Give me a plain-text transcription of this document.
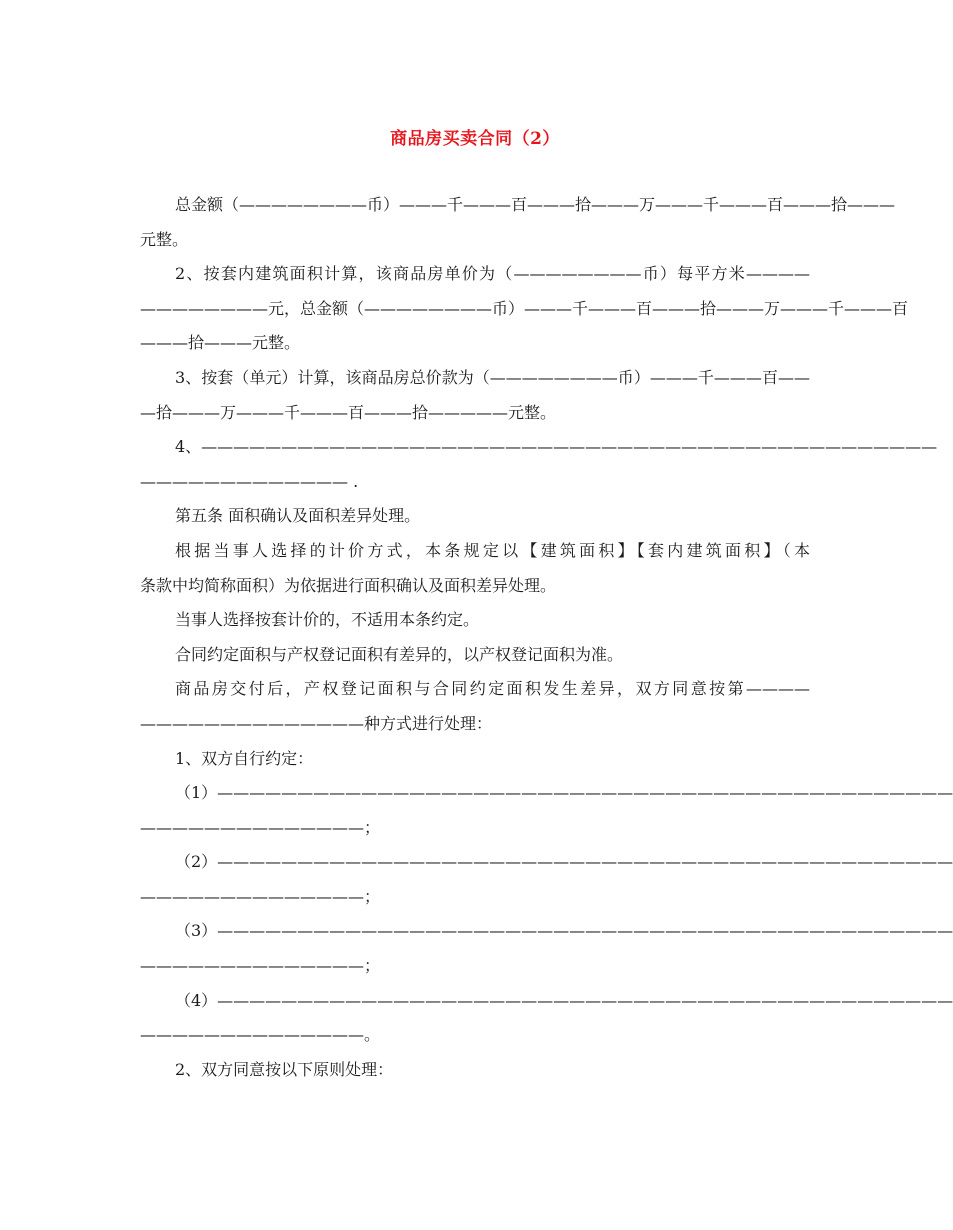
商品房买卖合同（2）
总金额（————————币）———千———百———拾———万———千———百———拾———
元整。
2、按套内建筑面积计算，该商品房单价为（————————币）每平方米————
————————元，总金额（————————币）———千———百———拾———万———千———百
———拾———元整。
3、按套（单元）计算，该商品房总价款为（————————币）———千———百——
—拾———万———千———百———拾—————元整。
4、——————————————————————————————————————————————
————————————— .
第五条 面积确认及面积差异处理。
根据当事人选择的计价方式，本条规定以【建筑面积】【套内建筑面积】（本
条款中均简称面积）为依据进行面积确认及面积差异处理。
当事人选择按套计价的，不适用本条约定。
合同约定面积与产权登记面积有差异的，以产权登记面积为准。
商品房交付后，产权登记面积与合同约定面积发生差异，双方同意按第————
——————————————种方式进行处理：
1、双方自行约定：
（1）——————————————————————————————————————————————
——————————————；
（2）——————————————————————————————————————————————
——————————————；
（3）——————————————————————————————————————————————
——————————————；
（4）——————————————————————————————————————————————
——————————————。
2、双方同意按以下原则处理：
